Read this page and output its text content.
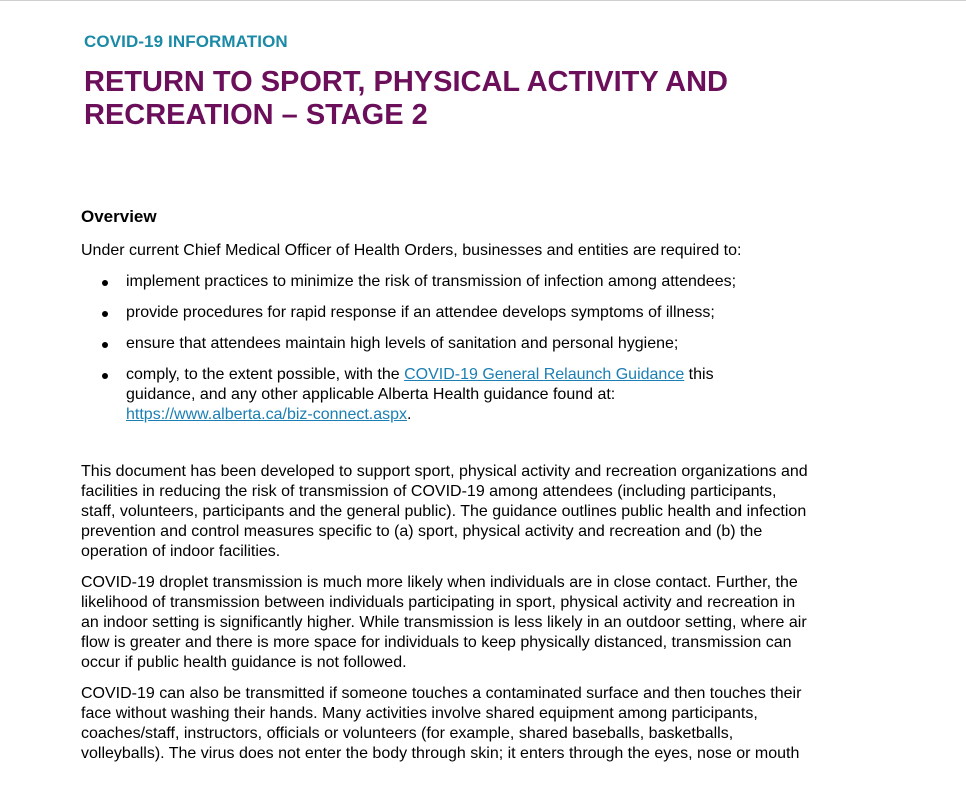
COVID-19 INFORMATION

RETURN TO SPORT, PHYSICAL ACTIVITY AND
RECREATION – STAGE 2
Overview

Under current Chief Medical Officer of Health Orders, businesses and entities are required to:

implement practices to minimize the risk of transmission of infection among attendees;
provide procedures for rapid response if an attendee develops symptoms of illness;
ensure that attendees maintain high levels of sanitation and personal hygiene;
comply, to the extent possible, with the COVID-19 General Relaunch Guidance this
guidance, and any other applicable Alberta Health guidance found at:
https://www.alberta.ca/biz-connect.aspx.

This document has been developed to support sport, physical activity and recreation organizations and
facilities in reducing the risk of transmission of COVID-19 among attendees (including participants,
staff, volunteers, participants and the general public). The guidance outlines public health and infection
prevention and control measures specific to (a) sport, physical activity and recreation and (b) the
operation of indoor facilities.

COVID-19 droplet transmission is much more likely when individuals are in close contact. Further, the
likelihood of transmission between individuals participating in sport, physical activity and recreation in
an indoor setting is significantly higher. While transmission is less likely in an outdoor setting, where air
flow is greater and there is more space for individuals to keep physically distanced, transmission can
occur if public health guidance is not followed.

COVID-19 can also be transmitted if someone touches a contaminated surface and then touches their
face without washing their hands. Many activities involve shared equipment among participants,
coaches/staff, instructors, officials or volunteers (for example, shared baseballs, basketballs,
volleyballs). The virus does not enter the body through skin; it enters through the eyes, nose or mouth
